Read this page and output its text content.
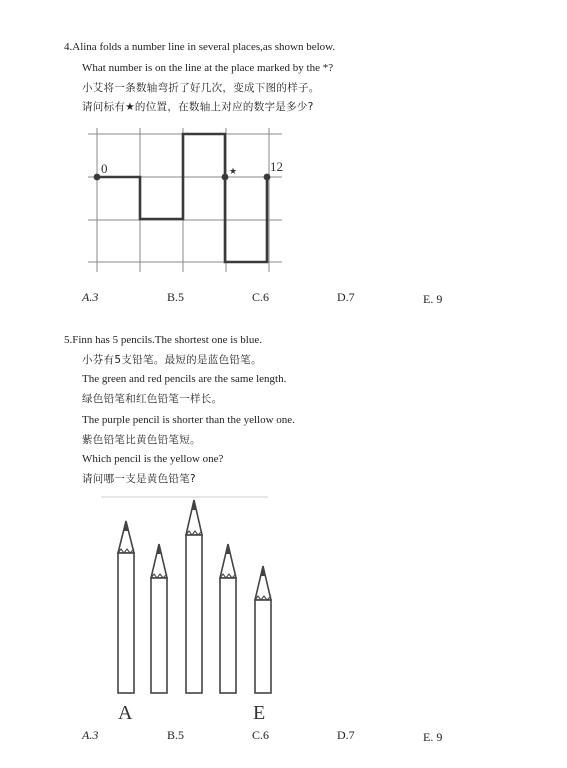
4.Alina folds a number line in several places,as shown below.
What number is on the line at the place marked by the *?
小艾将一条数轴弯折了好几次，变成下图的样子。
请问标有★的位置，在数轴上对应的数字是多少?
0	12
★
A.3	B.5	C.6	D.7	E. 9
5.Finn has 5 pencils.The shortest one is blue.
小芬有5支铅笔。最短的是蓝色铅笔。
The green and red pencils are the same length.
绿色铅笔和红色铅笔一样长。
The purple pencil is shorter than the yellow one.
紫色铅笔比黄色铅笔短。
Which pencil is the yellow one?
请问哪一支是黄色铅笔?
A	E
A.3	B.5	C.6	D.7	E. 9
